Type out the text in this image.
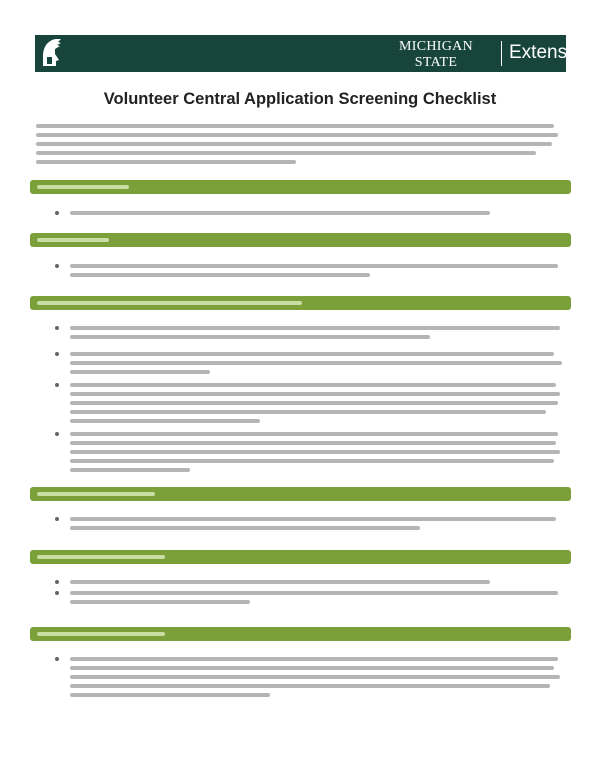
MICHIGAN STATE
UNIVERSITY
Extension
Volunteer Central Application Screening Checklist
